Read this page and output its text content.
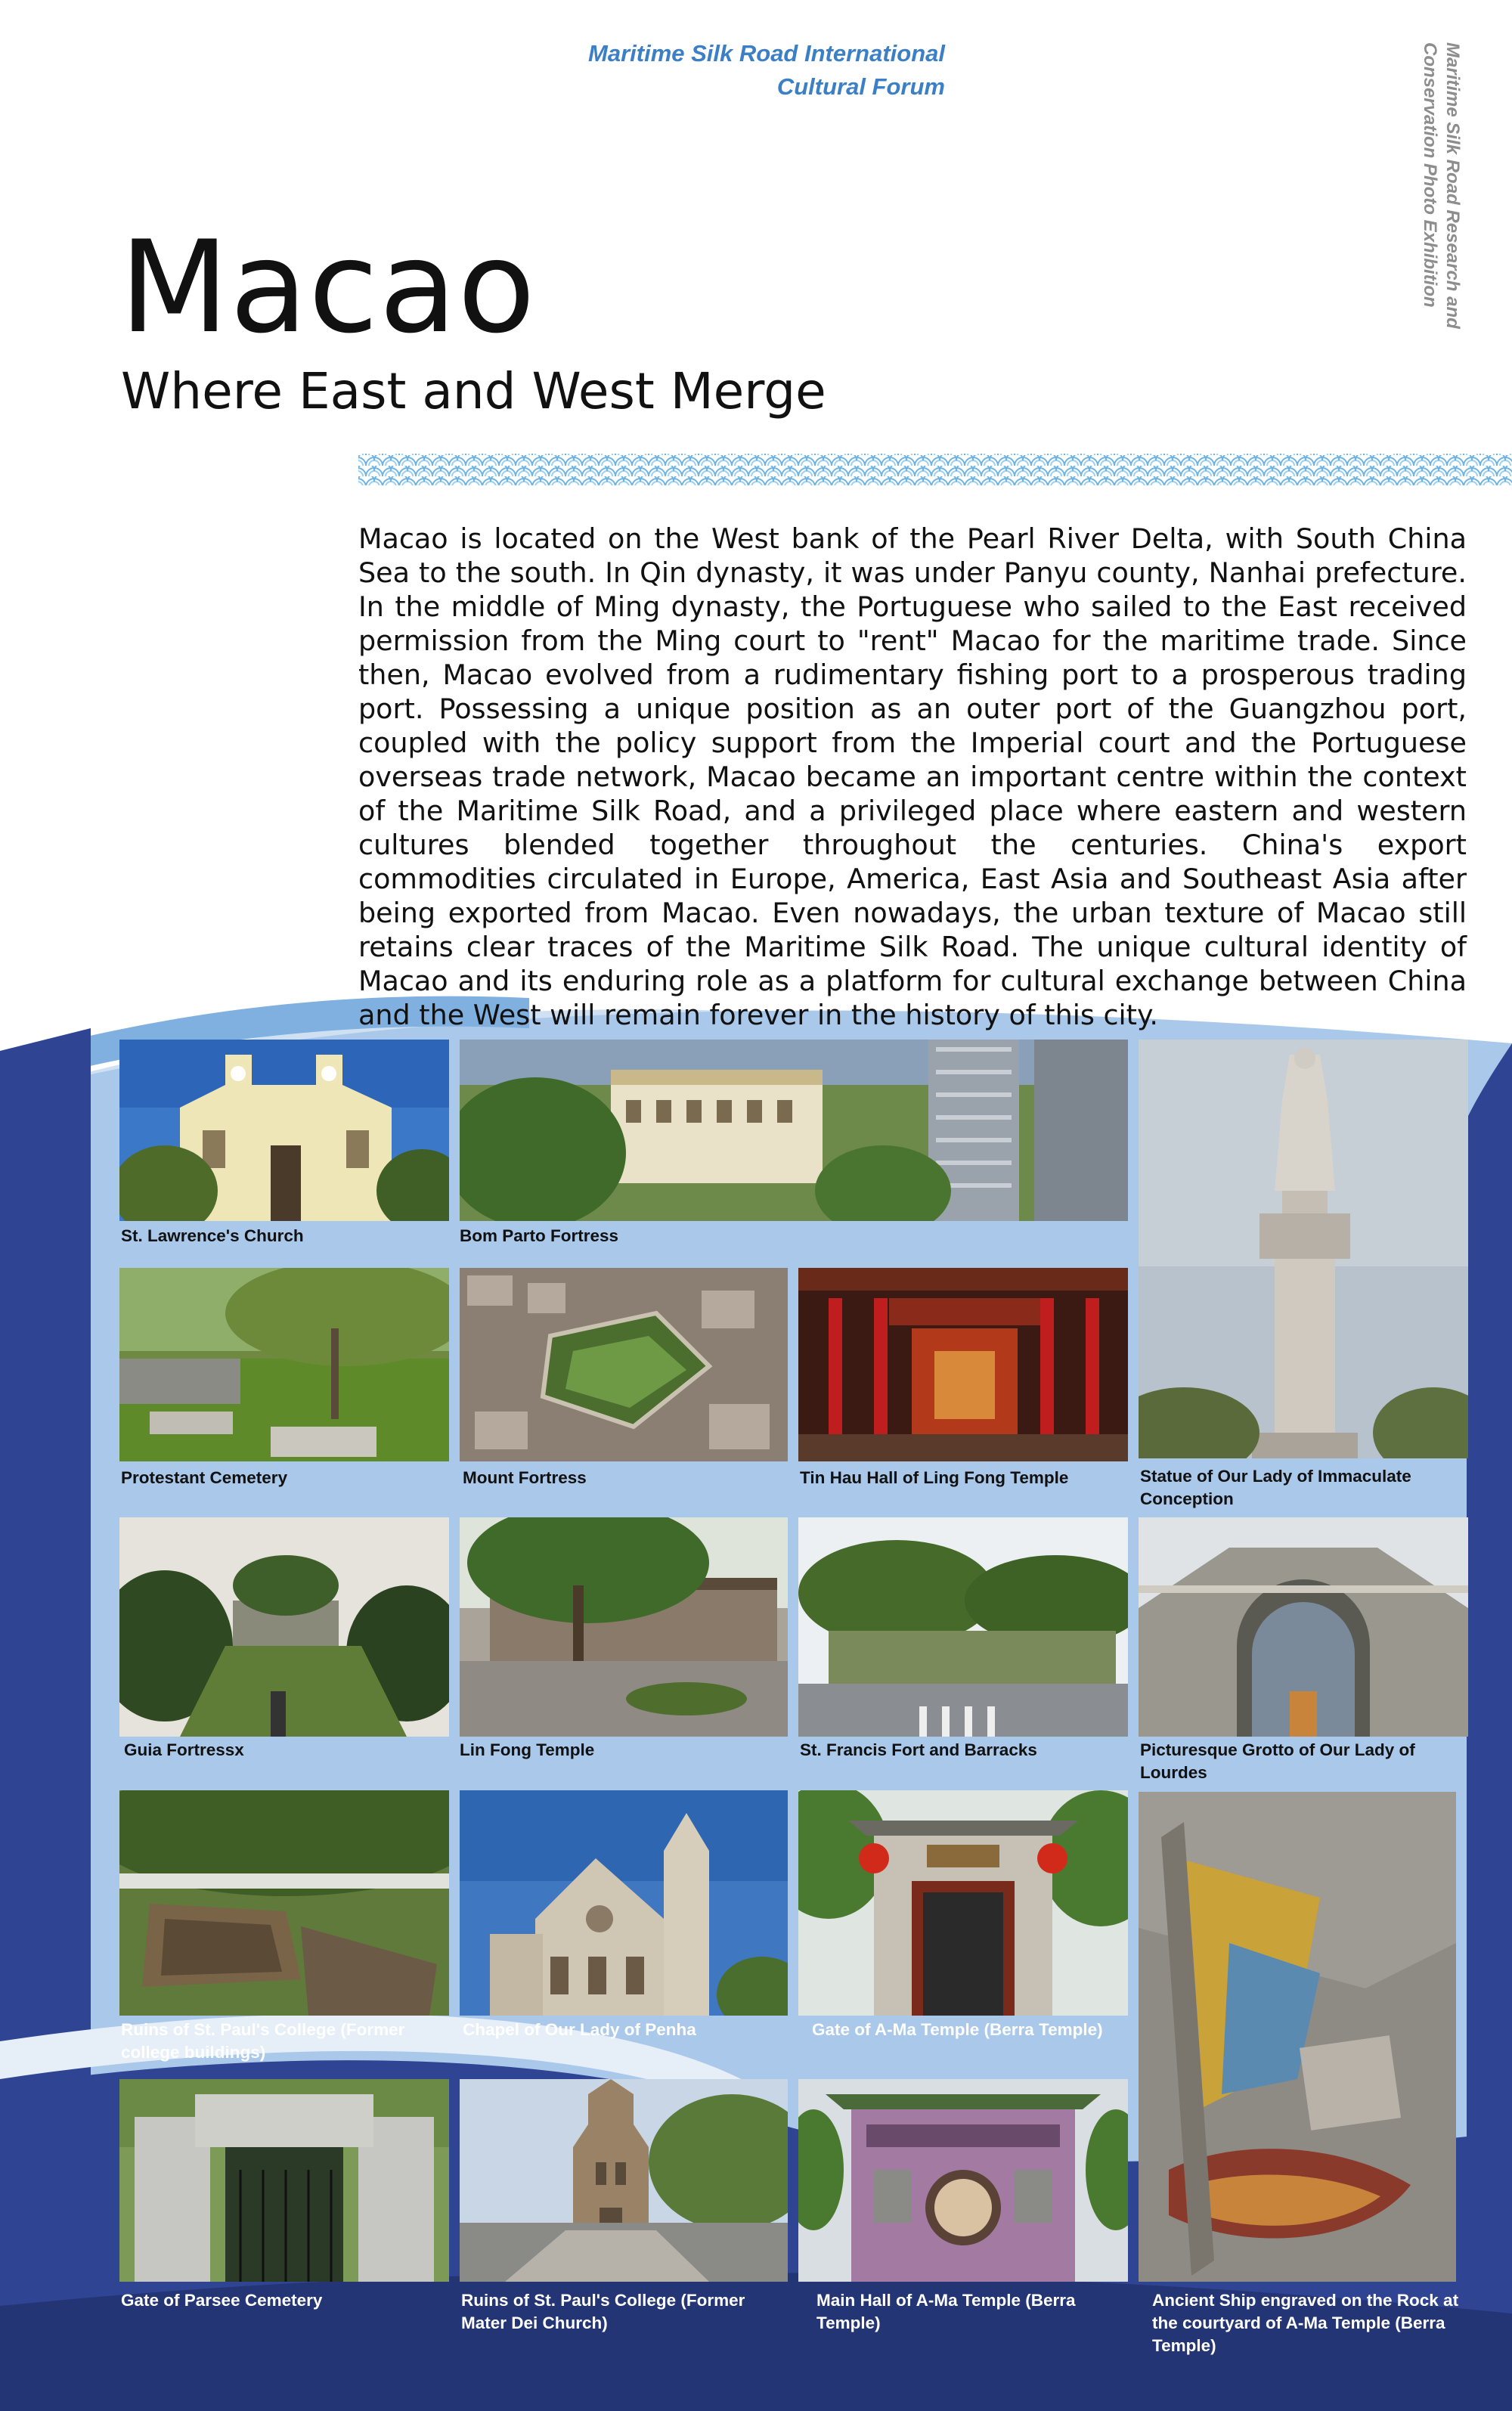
Maritime Silk Road International
Cultural Forum	Maritime Silk Road Research and
Conservation Photo Exhibition
Macao
Where East and West Merge
Macao is located on the West bank of the Pearl River Delta, with South China Sea to the south. In Qin dynasty, it was under Panyu county, Nanhai prefecture. In the middle of Ming dynasty, the Portuguese who sailed to the East received permission from the Ming court to "rent" Macao for the maritime trade. Since then, Macao evolved from a rudimentary fishing port to a prosperous trading port. Possessing a unique position as an outer port of the Guangzhou port, coupled with the policy support from the Imperial court and the Portuguese overseas trade network, Macao became an important centre within the context of the Maritime Silk Road, and a privileged place where eastern and western cultures blended together throughout the centuries. China's export commodities circulated in Europe, America, East Asia and Southeast Asia after being exported from Macao. Even nowadays, the urban texture of Macao still retains clear traces of the Maritime Silk Road. The unique cultural identity of Macao and its enduring role as a platform for cultural exchange between China and the West will remain forever in the history of this city.
St. Lawrence's Church	Bom Parto Fortress
Statue of Our Lady of Immaculate Conception
Protestant Cemetery	Mount Fortress	Tin Hau Hall of Ling Fong Temple
Guia Fortressx	Lin Fong Temple	St. Francis Fort and Barracks	Picturesque Grotto of Our Lady of Lourdes
Ruins of St. Paul's College (Former college buildings)
Chapel of Our Lady of Penha	Gate of A-Ma Temple (Berra Temple)
Ancient Ship engraved on the Rock at the courtyard of A-Ma Temple (Berra Temple)
Gate of Parsee Cemetery	Ruins of St. Paul's College (Former Mater Dei Church)
Main Hall of A-Ma Temple (Berra Temple)
